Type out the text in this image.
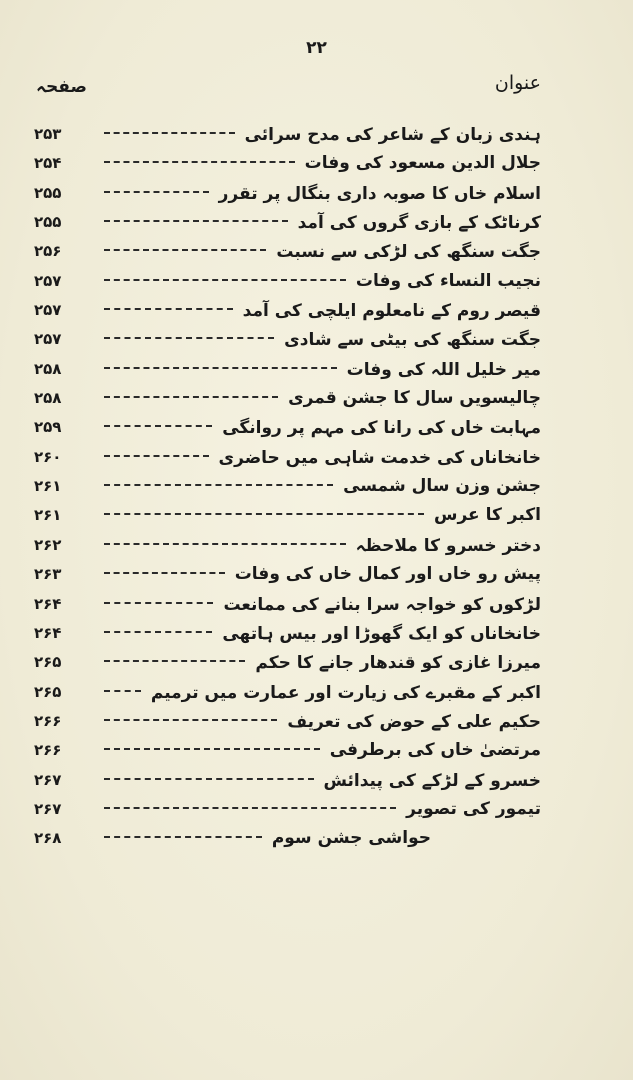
۲۲
عنوان
صفحہ
ہندی زبان کے شاعر کی مدح سرائی
۲۵۳
جلال الدین مسعود کی وفات
۲۵۴
اسلام خاں کا صوبہ داری بنگال پر تقرر
۲۵۵
کرناٹک کے بازی گروں کی آمد
۲۵۵
جگت سنگھ کی لڑکی سے نسبت
۲۵۶
نجیب النساء کی وفات
۲۵۷
قیصر روم کے نامعلوم ایلچی کی آمد
۲۵۷
جگت سنگھ کی بیٹی سے شادی
۲۵۷
میر خلیل اللہ کی وفات
۲۵۸
چالیسویں سال کا جشن قمری
۲۵۸
مہابت خاں کی رانا کی مہم پر روانگی
۲۵۹
خانخاناں کی خدمت شاہی میں حاضری
۲۶۰
جشن وزن سال شمسی
۲۶۱
اکبر کا عرس
۲۶۱
دختر خسرو کا ملاحظہ
۲۶۲
پیش رو خاں اور کمال خاں کی وفات
۲۶۳
لڑکوں کو خواجہ سرا بنانے کی ممانعت
۲۶۴
خانخاناں کو ایک گھوڑا اور بیس ہاتھی
۲۶۴
میرزا غازی کو قندھار جانے کا حکم
۲۶۵
اکبر کے مقبرے کی زیارت اور عمارت میں ترمیم
۲۶۵
حکیم علی کے حوض کی تعریف
۲۶۶
مرتضیٰ خاں کی برطرفی
۲۶۶
خسرو کے لڑکے کی پیدائش
۲۶۷
تیمور کی تصویر
۲۶۷
حواشی جشن سوم
۲۶۸
